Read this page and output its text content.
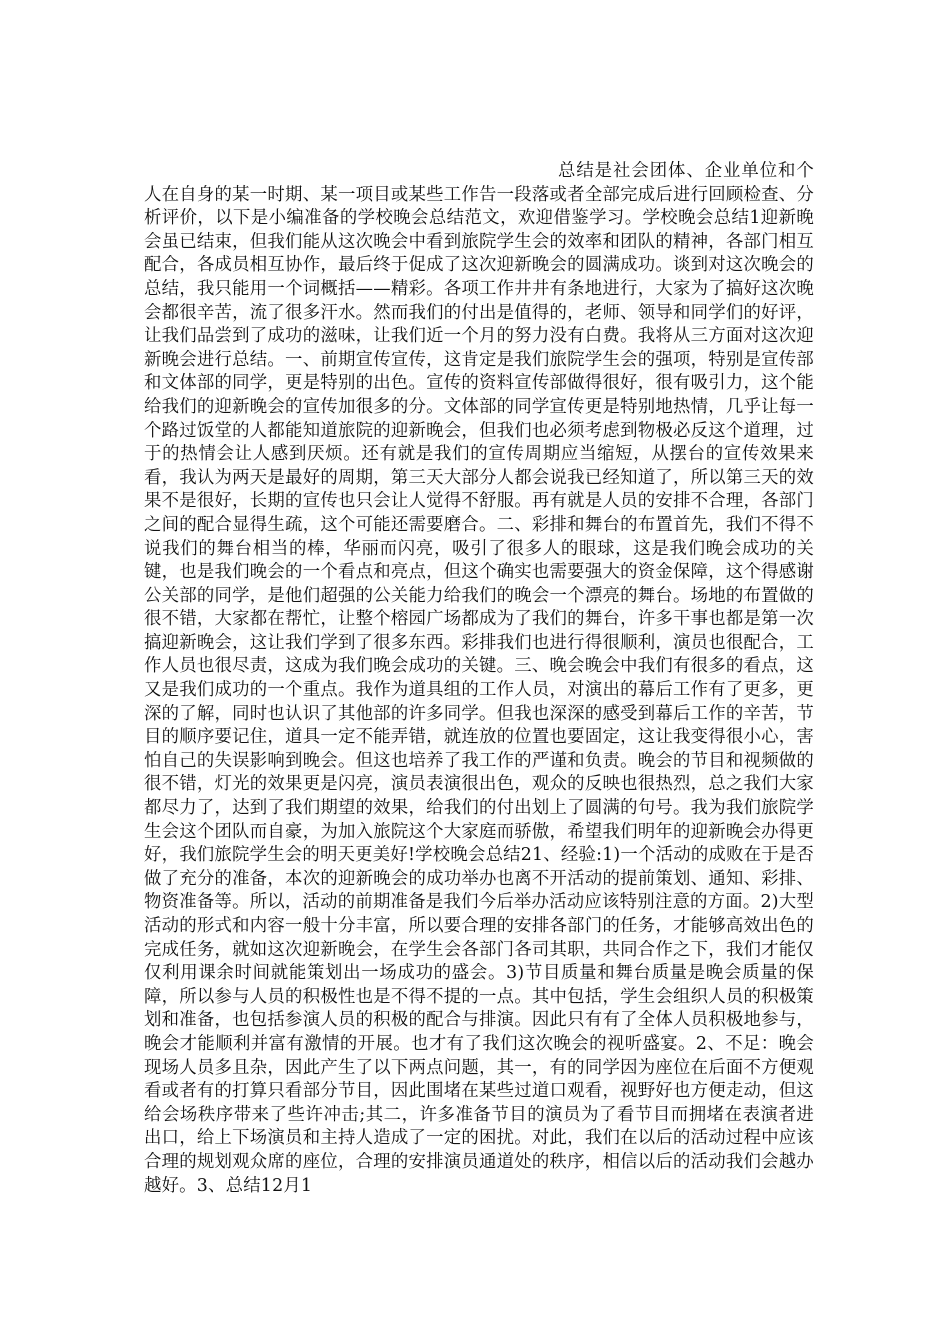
总结是社会团体、企业单位和个人在自身的某一时期、某一项目或某些工作告一段落或者全部完成后进行回顾检查、分析评价，以下是小编准备的学校晚会总结范文，欢迎借鉴学习。学校晚会总结1迎新晚会虽已结束，但我们能从这次晚会中看到旅院学生会的效率和团队的精神，各部门相互配合，各成员相互协作，最后终于促成了这次迎新晚会的圆满成功。谈到对这次晚会的总结，我只能用一个词概括——精彩。各项工作井井有条地进行，大家为了搞好这次晚会都很辛苦，流了很多汗水。然而我们的付出是值得的，老师、领导和同学们的好评，让我们品尝到了成功的滋味，让我们近一个月的努力没有白费。我将从三方面对这次迎新晚会进行总结。一、前期宣传宣传，这肯定是我们旅院学生会的强项，特别是宣传部和文体部的同学，更是特别的出色。宣传的资料宣传部做得很好，很有吸引力，这个能给我们的迎新晚会的宣传加很多的分。文体部的同学宣传更是特别地热情，几乎让每一个路过饭堂的人都能知道旅院的迎新晚会，但我们也必须考虑到物极必反这个道理，过于的热情会让人感到厌烦。还有就是我们的宣传周期应当缩短，从摆台的宣传效果来看，我认为两天是最好的周期，第三天大部分人都会说我已经知道了，所以第三天的效果不是很好，长期的宣传也只会让人觉得不舒服。再有就是人员的安排不合理，各部门之间的配合显得生疏，这个可能还需要磨合。二、彩排和舞台的布置首先，我们不得不说我们的舞台相当的棒，华丽而闪亮，吸引了很多人的眼球，这是我们晚会成功的关键，也是我们晚会的一个看点和亮点，但这个确实也需要强大的资金保障，这个得感谢公关部的同学，是他们超强的公关能力给我们的晚会一个漂亮的舞台。场地的布置做的很不错，大家都在帮忙，让整个榕园广场都成为了我们的舞台，许多干事也都是第一次搞迎新晚会，这让我们学到了很多东西。彩排我们也进行得很顺利，演员也很配合，工作人员也很尽责，这成为我们晚会成功的关键。三、晚会晚会中我们有很多的看点，这又是我们成功的一个重点。我作为道具组的工作人员，对演出的幕后工作有了更多，更深的了解，同时也认识了其他部的许多同学。但我也深深的感受到幕后工作的辛苦，节目的顺序要记住，道具一定不能弄错，就连放的位置也要固定，这让我变得很小心，害怕自己的失误影响到晚会。但这也培养了我工作的严谨和负责。晚会的节目和视频做的很不错，灯光的效果更是闪亮，演员表演很出色，观众的反映也很热烈，总之我们大家都尽力了，达到了我们期望的效果，给我们的付出划上了圆满的句号。我为我们旅院学生会这个团队而自豪，为加入旅院这个大家庭而骄傲，希望我们明年的迎新晚会办得更好，我们旅院学生会的明天更美好!学校晚会总结21、经验:1)一个活动的成败在于是否做了充分的准备，本次的迎新晚会的成功举办也离不开活动的提前策划、通知、彩排、物资准备等。所以，活动的前期准备是我们今后举办活动应该特别注意的方面。2)大型活动的形式和内容一般十分丰富，所以要合理的安排各部门的任务，才能够高效出色的完成任务，就如这次迎新晚会，在学生会各部门各司其职，共同合作之下，我们才能仅仅利用课余时间就能策划出一场成功的盛会。3)节目质量和舞台质量是晚会质量的保障，所以参与人员的积极性也是不得不提的一点。其中包括，学生会组织人员的积极策划和准备，也包括参演人员的积极的配合与排演。因此只有有了全体人员积极地参与，晚会才能顺利并富有激情的开展。也才有了我们这次晚会的视听盛宴。2、不足：晚会现场人员多且杂，因此产生了以下两点问题，其一，有的同学因为座位在后面不方便观看或者有的打算只看部分节目，因此围堵在某些过道口观看，视野好也方便走动，但这给会场秩序带来了些许冲击;其二，许多准备节目的演员为了看节目而拥堵在表演者进出口，给上下场演员和主持人造成了一定的困扰。对此，我们在以后的活动过程中应该合理的规划观众席的座位，合理的安排演员通道处的秩序，相信以后的活动我们会越办越好。3、总结12月1
